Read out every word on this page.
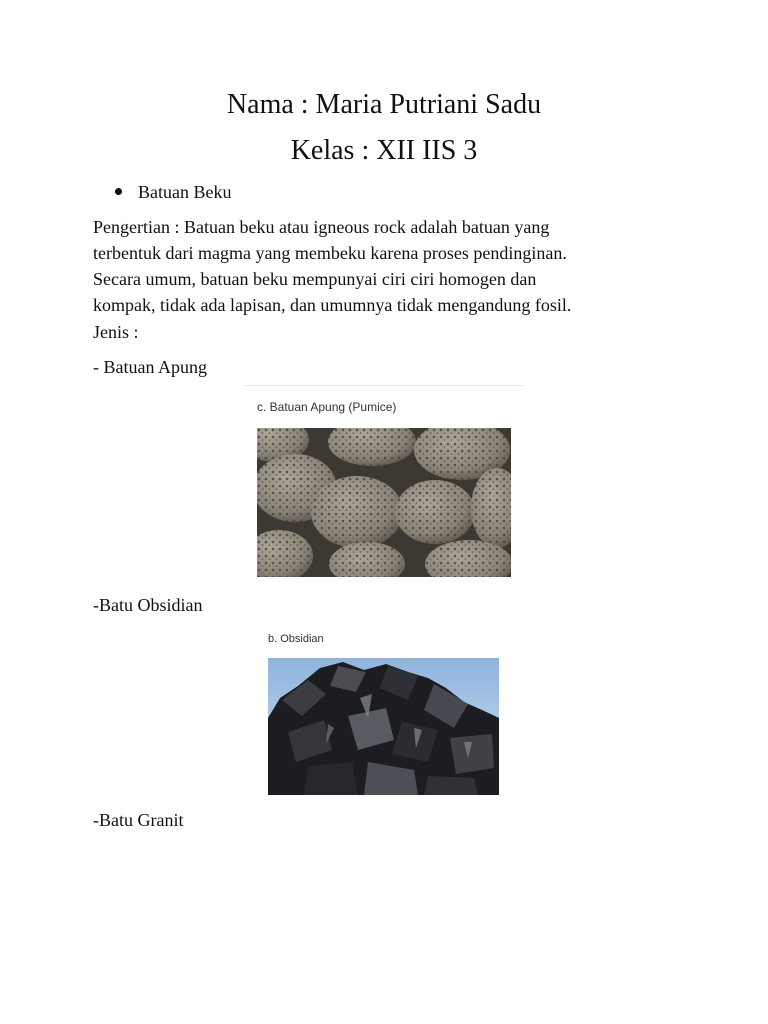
Nama : Maria Putriani Sadu
Kelas : XII IIS 3
Batuan Beku
Pengertian : Batuan beku atau igneous rock adalah batuan yang
terbentuk dari magma yang membeku karena proses pendinginan.
Secara umum, batuan beku mempunyai ciri ciri homogen dan
kompak, tidak ada lapisan, dan umumnya tidak mengandung fosil.
Jenis :
- Batuan Apung
c. Batuan Apung (Pumice)
-Batu Obsidian
b. Obsidian
-Batu Granit
